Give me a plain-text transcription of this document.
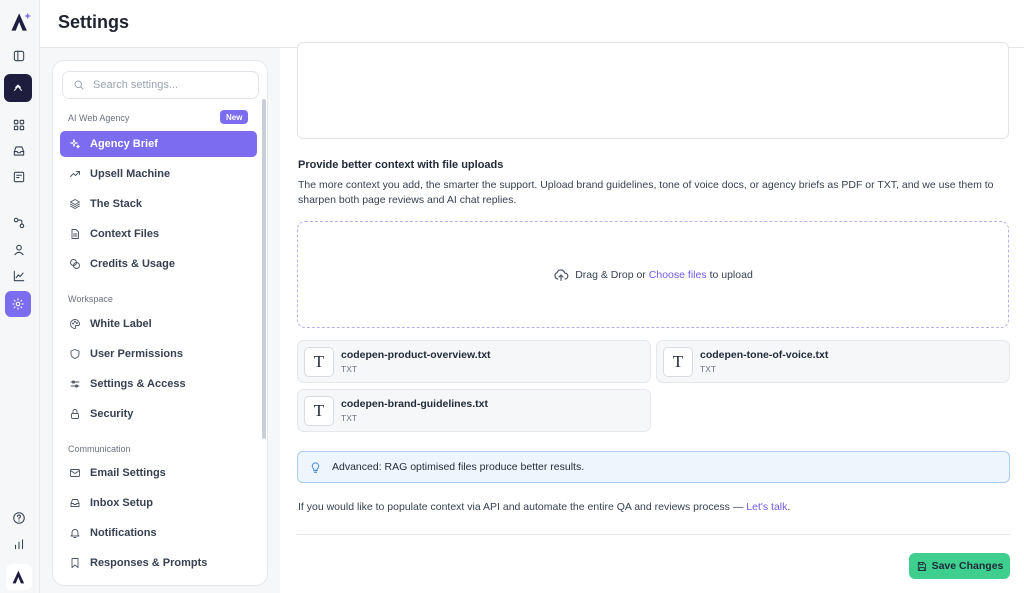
Settings
Search settings...
AI Web Agency	New
Agency Brief
Upsell Machine
The Stack
Context Files
Credits & Usage
Workspace
White Label
User Permissions
Settings & Access
Security
Communication
Email Settings
Inbox Setup
Notifications
Responses & Prompts
Provide better context with file uploads
The more context you add, the smarter the support. Upload brand guidelines, tone of voice docs, or agency briefs as PDF or TXT, and we use them to sharpen both page reviews and AI chat replies.
Drag & Drop or Choose files to upload
T	codepen-product-overview.txt
TXT	T	codepen-tone-of-voice.txt
TXT
T	codepen-brand-guidelines.txt
TXT
Advanced: RAG optimised files produce better results.
If you would like to populate context via API and automate the entire QA and reviews process — Let's talk.
Save Changes
